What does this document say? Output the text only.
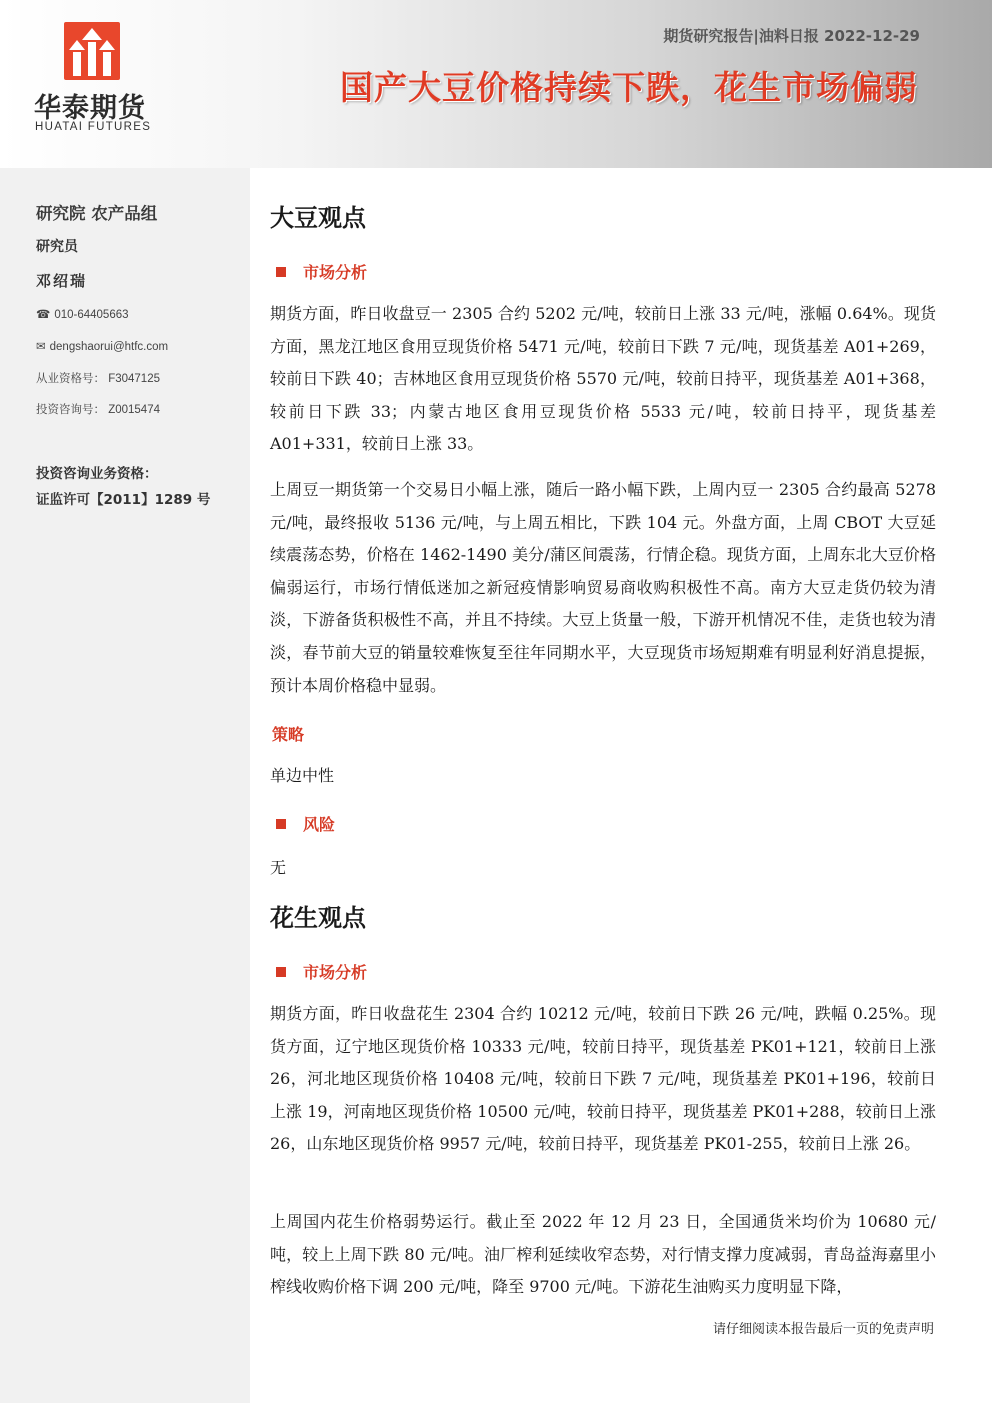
华泰期货
HUATAI FUTURES
期货研究报告|油料日报 2022-12-29
国产大豆价格持续下跌，花生市场偏弱
研究院 农产品组
研究员
邓绍瑞
☎ 010-64405663
✉ dengshaorui@htfc.com
从业资格号： F3047125
投资咨询号： Z0015474
投资咨询业务资格：
证监许可【2011】1289 号
大豆观点
市场分析

期货方面，昨日收盘豆一 2305 合约 5202 元/吨，较前日上涨 33 元/吨，涨幅 0.64%。现货方面，黑龙江地区食用豆现货价格 5471 元/吨，较前日下跌 7 元/吨，现货基差 A01+269，较前日下跌 40；吉林地区食用豆现货价格 5570 元/吨，较前日持平，现货基差 A01+368，较前日下跌 33；内蒙古地区食用豆现货价格 5533 元/吨，较前日持平，现货基差 A01+331，较前日上涨 33。

上周豆一期货第一个交易日小幅上涨，随后一路小幅下跌，上周内豆一 2305 合约最高 5278 元/吨，最终报收 5136 元/吨，与上周五相比，下跌 104 元。外盘方面，上周 CBOT 大豆延续震荡态势，价格在 1462-1490 美分/蒲区间震荡，行情企稳。现货方面，上周东北大豆价格偏弱运行，市场行情低迷加之新冠疫情影响贸易商收购积极性不高。南方大豆走货仍较为清淡，下游备货积极性不高，并且不持续。大豆上货量一般，下游开机情况不佳，走货也较为清淡，春节前大豆的销量较难恢复至往年同期水平，大豆现货市场短期难有明显利好消息提振，预计本周价格稳中显弱。

策略

单边中性

风险

无

花生观点
市场分析

期货方面，昨日收盘花生 2304 合约 10212 元/吨，较前日下跌 26 元/吨，跌幅 0.25%。现货方面，辽宁地区现货价格 10333 元/吨，较前日持平，现货基差 PK01+121，较前日上涨 26，河北地区现货价格 10408 元/吨，较前日下跌 7 元/吨，现货基差 PK01+196，较前日上涨 19，河南地区现货价格 10500 元/吨，较前日持平，现货基差 PK01+288，较前日上涨 26，山东地区现货价格 9957 元/吨，较前日持平，现货基差 PK01-255，较前日上涨 26。

上周国内花生价格弱势运行。截止至 2022 年 12 月 23 日，全国通货米均价为 10680 元/吨，较上上周下跌 80 元/吨。油厂榨利延续收窄态势，对行情支撑力度减弱，青岛益海嘉里小榨线收购价格下调 200 元/吨，降至 9700 元/吨。下游花生油购买力度明显下降，

请仔细阅读本报告最后一页的免责声明
